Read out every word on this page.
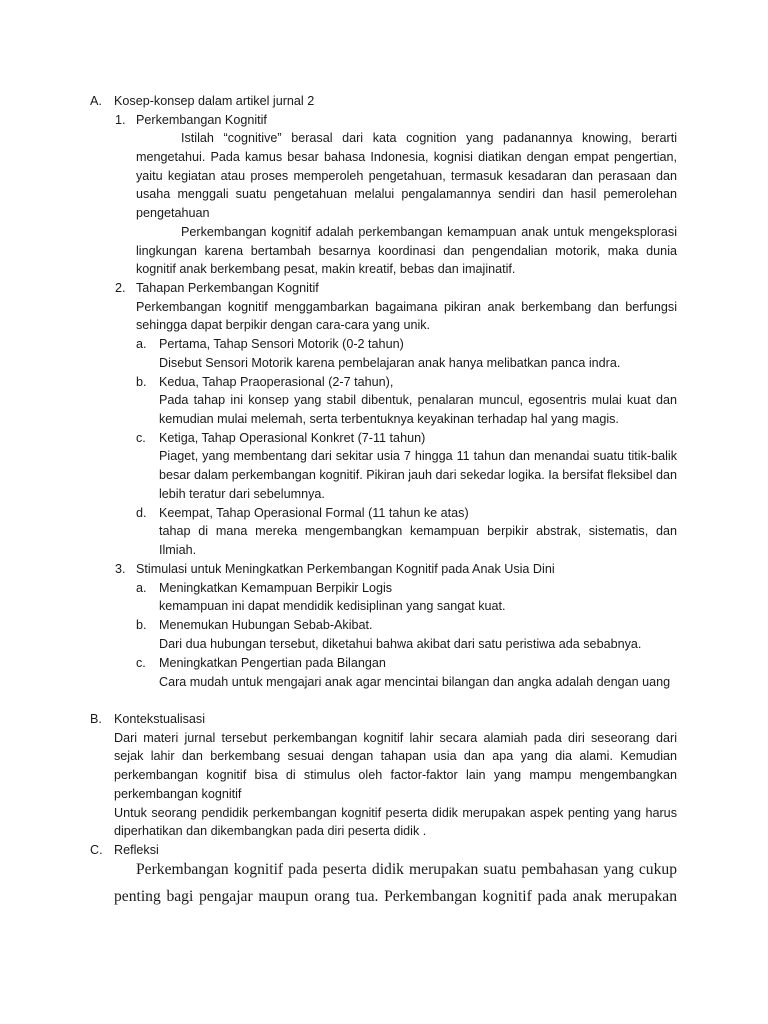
A. Kosep-konsep dalam artikel jurnal 2
1. Perkembangan Kognitif
Istilah “cognitive” berasal dari kata cognition yang padanannya knowing, berarti
mengetahui. Pada kamus besar bahasa Indonesia, kognisi diatikan dengan empat pengertian,
yaitu kegiatan atau proses memperoleh pengetahuan, termasuk kesadaran dan perasaan dan
usaha menggali suatu pengetahuan melalui pengalamannya sendiri dan hasil pemerolehan
pengetahuan
Perkembangan kognitif adalah perkembangan kemampuan anak untuk mengeksplorasi
lingkungan karena bertambah besarnya koordinasi dan pengendalian motorik, maka dunia
kognitif anak berkembang pesat, makin kreatif, bebas dan imajinatif.
2. Tahapan Perkembangan Kognitif
Perkembangan kognitif menggambarkan bagaimana pikiran anak berkembang dan berfungsi
sehingga dapat berpikir dengan cara-cara yang unik.
a. Pertama, Tahap Sensori Motorik (0-2 tahun)
Disebut Sensori Motorik karena pembelajaran anak hanya melibatkan panca indra.
b. Kedua, Tahap Praoperasional (2-7 tahun),
Pada tahap ini konsep yang stabil dibentuk, penalaran muncul, egosentris mulai kuat dan
kemudian mulai melemah, serta terbentuknya keyakinan terhadap hal yang magis.
c. Ketiga, Tahap Operasional Konkret (7-11 tahun)
Piaget, yang membentang dari sekitar usia 7 hingga 11 tahun dan menandai suatu titik-balik
besar dalam perkembangan kognitif. Pikiran jauh dari sekedar logika. Ia bersifat fleksibel dan
lebih teratur dari sebelumnya.
d. Keempat, Tahap Operasional Formal (11 tahun ke atas)
tahap di mana mereka mengembangkan kemampuan berpikir abstrak, sistematis, dan
Ilmiah.
3. Stimulasi untuk Meningkatkan Perkembangan Kognitif pada Anak Usia Dini
a. Meningkatkan Kemampuan Berpikir Logis
kemampuan ini dapat mendidik kedisiplinan yang sangat kuat.
b. Menemukan Hubungan Sebab-Akibat.
Dari dua hubungan tersebut, diketahui bahwa akibat dari satu peristiwa ada sebabnya.
c. Meningkatkan Pengertian pada Bilangan
Cara mudah untuk mengajari anak agar mencintai bilangan dan angka adalah dengan uang
B. Kontekstualisasi
Dari materi jurnal tersebut perkembangan kognitif lahir secara alamiah pada diri seseorang dari
sejak lahir dan berkembang sesuai dengan tahapan usia dan apa yang dia alami. Kemudian
perkembangan kognitif bisa di stimulus oleh factor-faktor lain yang mampu mengembangkan
perkembangan kognitif
Untuk seorang pendidik perkembangan kognitif peserta didik merupakan aspek penting yang harus
diperhatikan dan dikembangkan pada diri peserta didik .
C. Refleksi
Perkembangan kognitif pada peserta didik merupakan suatu pembahasan yang cukup
penting bagi pengajar maupun orang tua. Perkembangan kognitif pada anak merupakan
